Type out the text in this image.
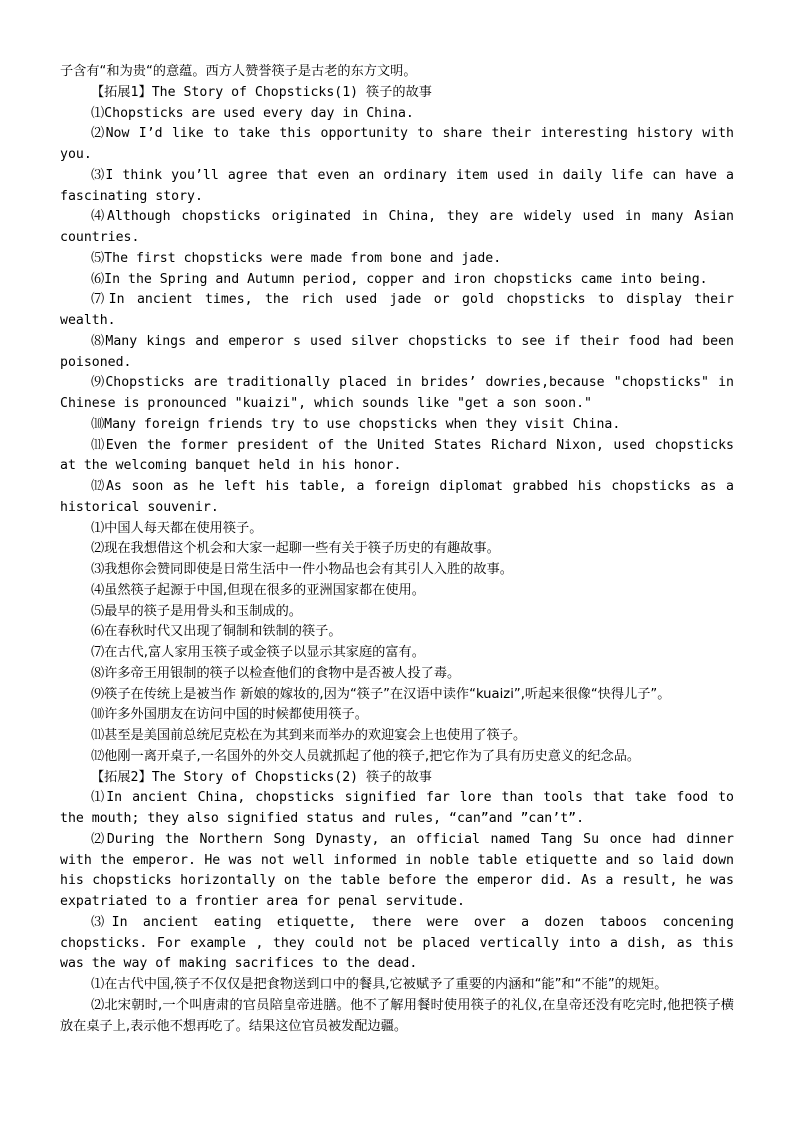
子含有“和为贵“的意蕴。西方人赞誉筷子是古老的东方文明。
【拓展1】The Story of Chopsticks(1) 筷子的故事
⑴Chopsticks are used every day in China.
⑵Now I’d like to take this opportunity to share their interesting history with you.
⑶I think you’ll agree that even an ordinary item used in daily life can have a fascinating story.
⑷Although chopsticks originated in China, they are widely used in many Asian countries.
⑸The first chopsticks were made from bone and jade.
⑹In the Spring and Autumn period, copper and iron chopsticks came into being.
⑺In ancient times, the rich used jade or gold chopsticks to display their wealth.
⑻Many kings and emperor s used silver chopsticks to see if their food had been poisoned.
⑼Chopsticks are traditionally placed in brides’ dowries,because "chopsticks" in Chinese is pronounced "kuaizi", which sounds like "get a son soon."
⑽Many foreign friends try to use chopsticks when they visit China.
⑾Even the former president of the United States Richard Nixon, used chopsticks at the welcoming banquet held in his honor.
⑿As soon as he left his table, a foreign diplomat grabbed his chopsticks as a historical souvenir.
⑴中国人每天都在使用筷子。
⑵现在我想借这个机会和大家一起聊一些有关于筷子历史的有趣故事。
⑶我想你会赞同即使是日常生活中一件小物品也会有其引人入胜的故事。
⑷虽然筷子起源于中国,但现在很多的亚洲国家都在使用。
⑸最早的筷子是用骨头和玉制成的。
⑹在春秋时代又出现了铜制和铁制的筷子。
⑺在古代,富人家用玉筷子或金筷子以显示其家庭的富有。
⑻许多帝王用银制的筷子以检查他们的食物中是否被人投了毒。
⑼筷子在传统上是被当作 新娘的嫁妆的,因为“筷子”在汉语中读作“kuaizi”,听起来很像“快得儿子”。
⑽许多外国朋友在访问中国的时候都使用筷子。
⑾甚至是美国前总统尼克松在为其到来而举办的欢迎宴会上也使用了筷子。
⑿他刚一离开桌子,一名国外的外交人员就抓起了他的筷子,把它作为了具有历史意义的纪念品。
【拓展2】The Story of Chopsticks(2) 筷子的故事
⑴In ancient China, chopsticks signified far lore than tools that take food to the mouth; they also signified status and rules, “can”and ”can’t”.
⑵During the Northern Song Dynasty, an official named Tang Su once had dinner with the emperor. He was not well informed in noble table etiquette and so laid down his chopsticks horizontally on the table before the emperor did. As a result, he was expatriated to a frontier area for penal servitude.
⑶In ancient eating etiquette, there were over a dozen taboos concening chopsticks. For example , they could not be placed vertically into a dish, as this was the way of making sacrifices to the dead.
⑴在古代中国,筷子不仅仅是把食物送到口中的餐具,它被赋予了重要的内涵和“能”和“不能”的规矩。
⑵北宋朝时,一个叫唐肃的官员陪皇帝进膳。他不了解用餐时使用筷子的礼仪,在皇帝还没有吃完时,他把筷子横放在桌子上,表示他不想再吃了。结果这位官员被发配边疆。
